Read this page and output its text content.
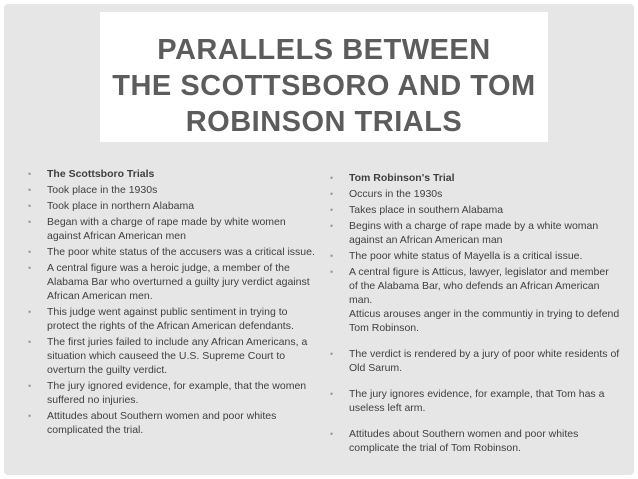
PARALLELS BETWEEN
THE SCOTTSBORO AND TOM
ROBINSON TRIALS
• The Scottsboro Trials
• Took place in the 1930s
• Took place in northern Alabama
• Began with a charge of rape made by white women against African American men
• The poor white status of the accusers was a critical issue.
• A central figure was a heroic judge, a member of the Alabama Bar who overturned a guilty jury verdict against African American men.
• This judge went against public sentiment in trying to protect the rights of the African American defendants.
• The first juries failed to include any African Americans, a situation which causeed the U.S. Supreme Court to overturn the guilty verdict.
• The jury ignored evidence, for example, that the women suffered no injuries.
• Attitudes about Southern women and poor whites complicated the trial.
• Tom Robinson's Trial
• Occurs in the 1930s
• Takes place in southern Alabama
• Begins with a charge of rape made by a white woman against an African American man
• The poor white status of Mayella is a critical issue.
• A central figure is Atticus, lawyer, legislator and member of the Alabama Bar, who defends an African American man.
Atticus arouses anger in the communtiy in trying to defend Tom Robinson.
• The verdict is rendered by a jury of poor white residents of Old Sarum.
• The jury ignores evidence, for example, that Tom has a useless left arm.
• Attitudes about Southern women and poor whites complicate the trial of Tom Robinson.
